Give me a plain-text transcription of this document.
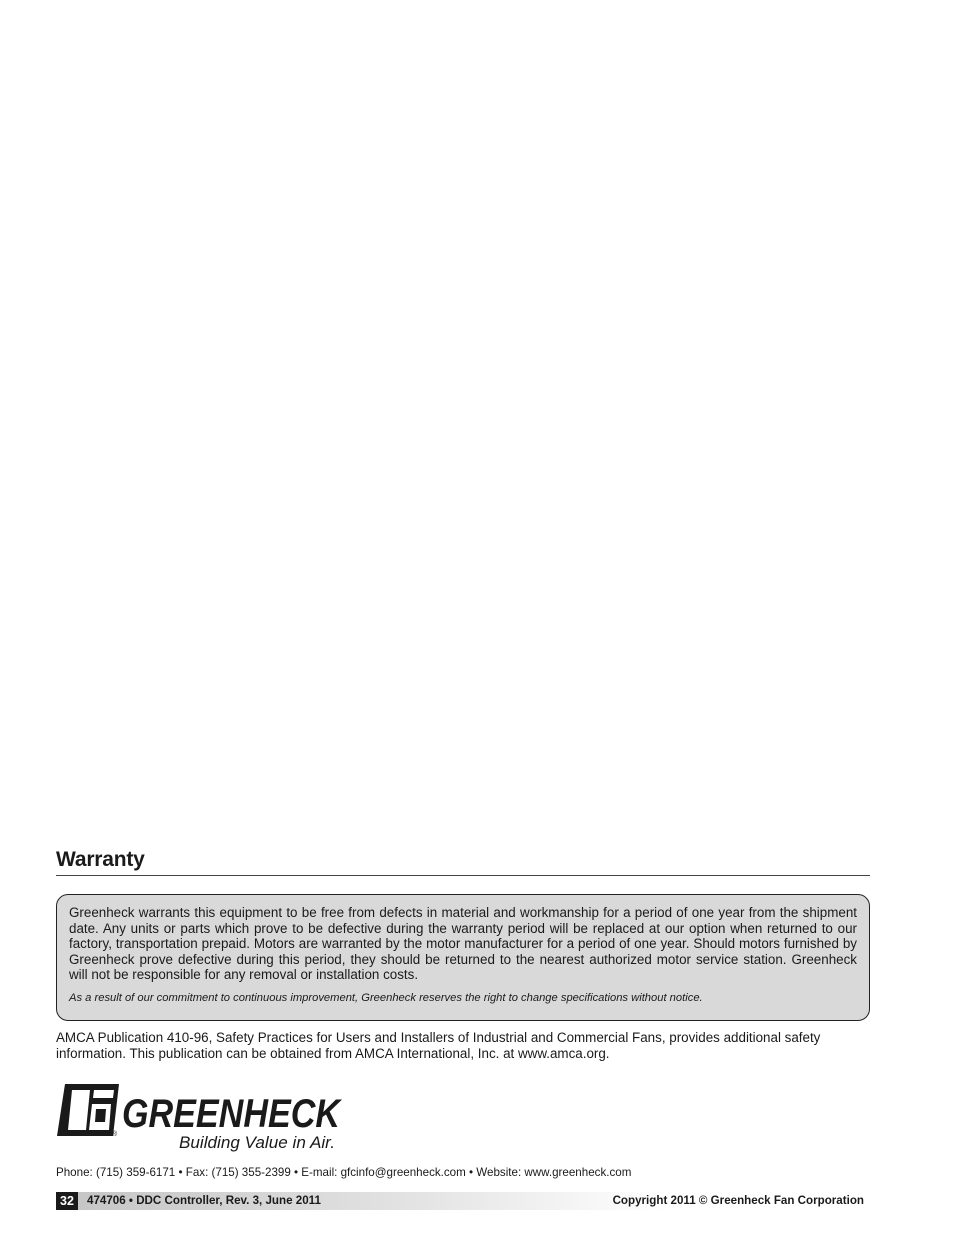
Warranty

Greenheck warrants this equipment to be free from defects in material and workmanship for a period of one year from the shipment date. Any units or parts which prove to be defective during the warranty period will be replaced at our option when returned to our factory, transportation prepaid. Motors are warranted by the motor manufacturer for a period of one year. Should motors furnished by Greenheck prove defective during this period, they should be returned to the nearest authorized motor service station. Greenheck will not be responsible for any removal or installation costs.

As a result of our commitment to continuous improvement, Greenheck reserves the right to change specifications without notice.

AMCA Publication 410-96, Safety Practices for Users and Installers of Industrial and Commercial Fans, provides additional safety information. This publication can be obtained from AMCA International, Inc. at www.amca.org.

® GREENHECK
Building Value in Air.

Phone: (715) 359-6171 • Fax: (715) 355-2399 • E-mail: gfcinfo@greenheck.com • Website: www.greenheck.com

32	474706 • DDC Controller, Rev. 3, June 2011	Copyright 2011 © Greenheck Fan Corporation
